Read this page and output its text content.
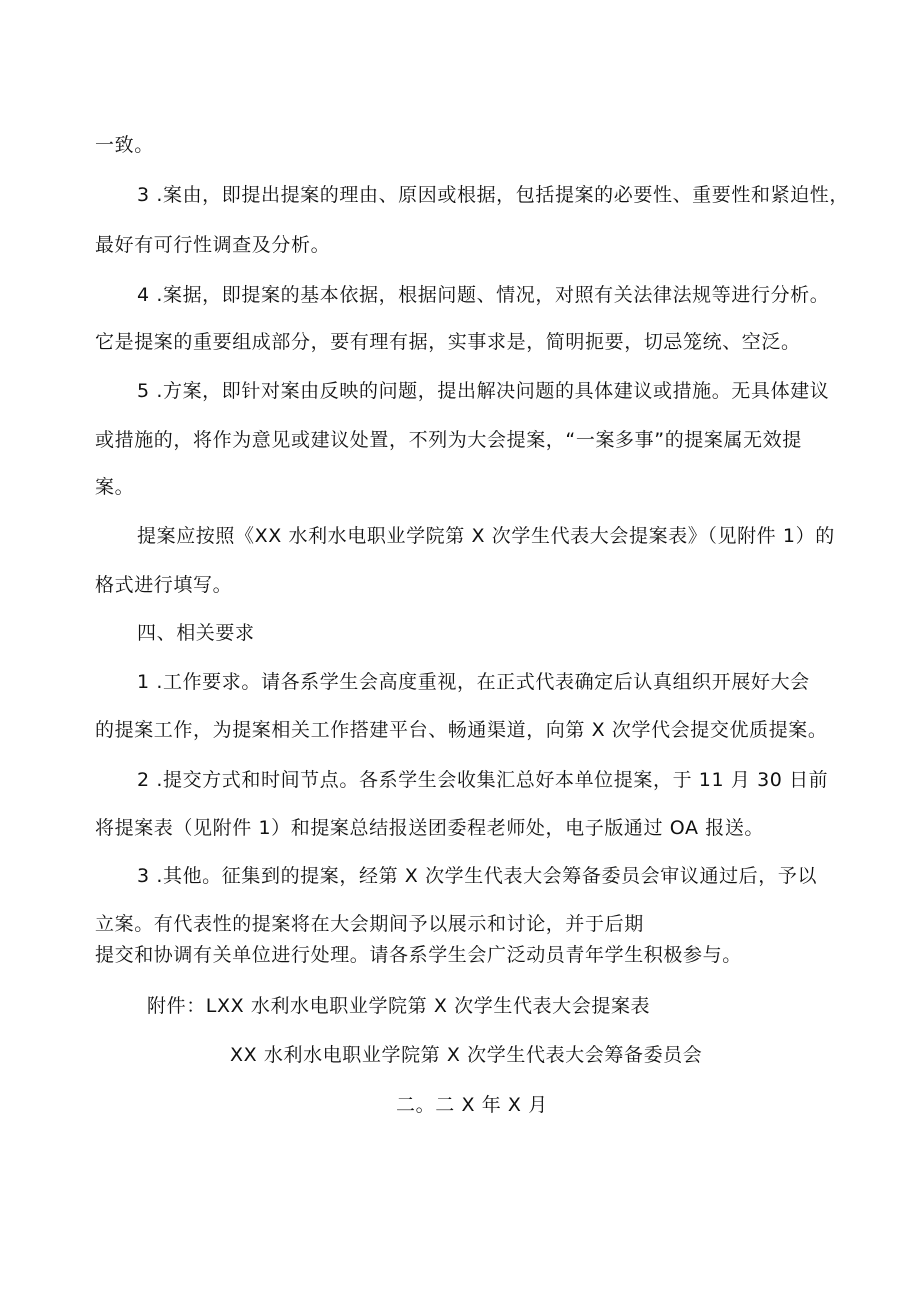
一致。
3 .案由，即提出提案的理由、原因或根据，包括提案的必要性、重要性和紧迫性，
最好有可行性调查及分析。
4 .案据，即提案的基本依据，根据问题、情况，对照有关法律法规等进行分析。
它是提案的重要组成部分，要有理有据，实事求是，简明扼要，切忌笼统、空泛。
5 .方案，即针对案由反映的问题，提出解决问题的具体建议或措施。无具体建议
或措施的，将作为意见或建议处置，不列为大会提案，“一案多事”的提案属无效提
案。
提案应按照《XX 水利水电职业学院第 X 次学生代表大会提案表》（见附件 1）的
格式进行填写。
四、相关要求
1 .工作要求。请各系学生会高度重视，在正式代表确定后认真组织开展好大会
的提案工作，为提案相关工作搭建平台、畅通渠道，向第 X 次学代会提交优质提案。
2 .提交方式和时间节点。各系学生会收集汇总好本单位提案，于 11 月 30 日前
将提案表（见附件 1）和提案总结报送团委程老师处，电子版通过 OA 报送。
3 .其他。征集到的提案，经第 X 次学生代表大会筹备委员会审议通过后，予以
立案。有代表性的提案将在大会期间予以展示和讨论，并于后期
提交和协调有关单位进行处理。请各系学生会广泛动员青年学生积极参与。
附件：LXX 水利水电职业学院第 X 次学生代表大会提案表
XX 水利水电职业学院第 X 次学生代表大会筹备委员会
二。二 X 年 X 月
